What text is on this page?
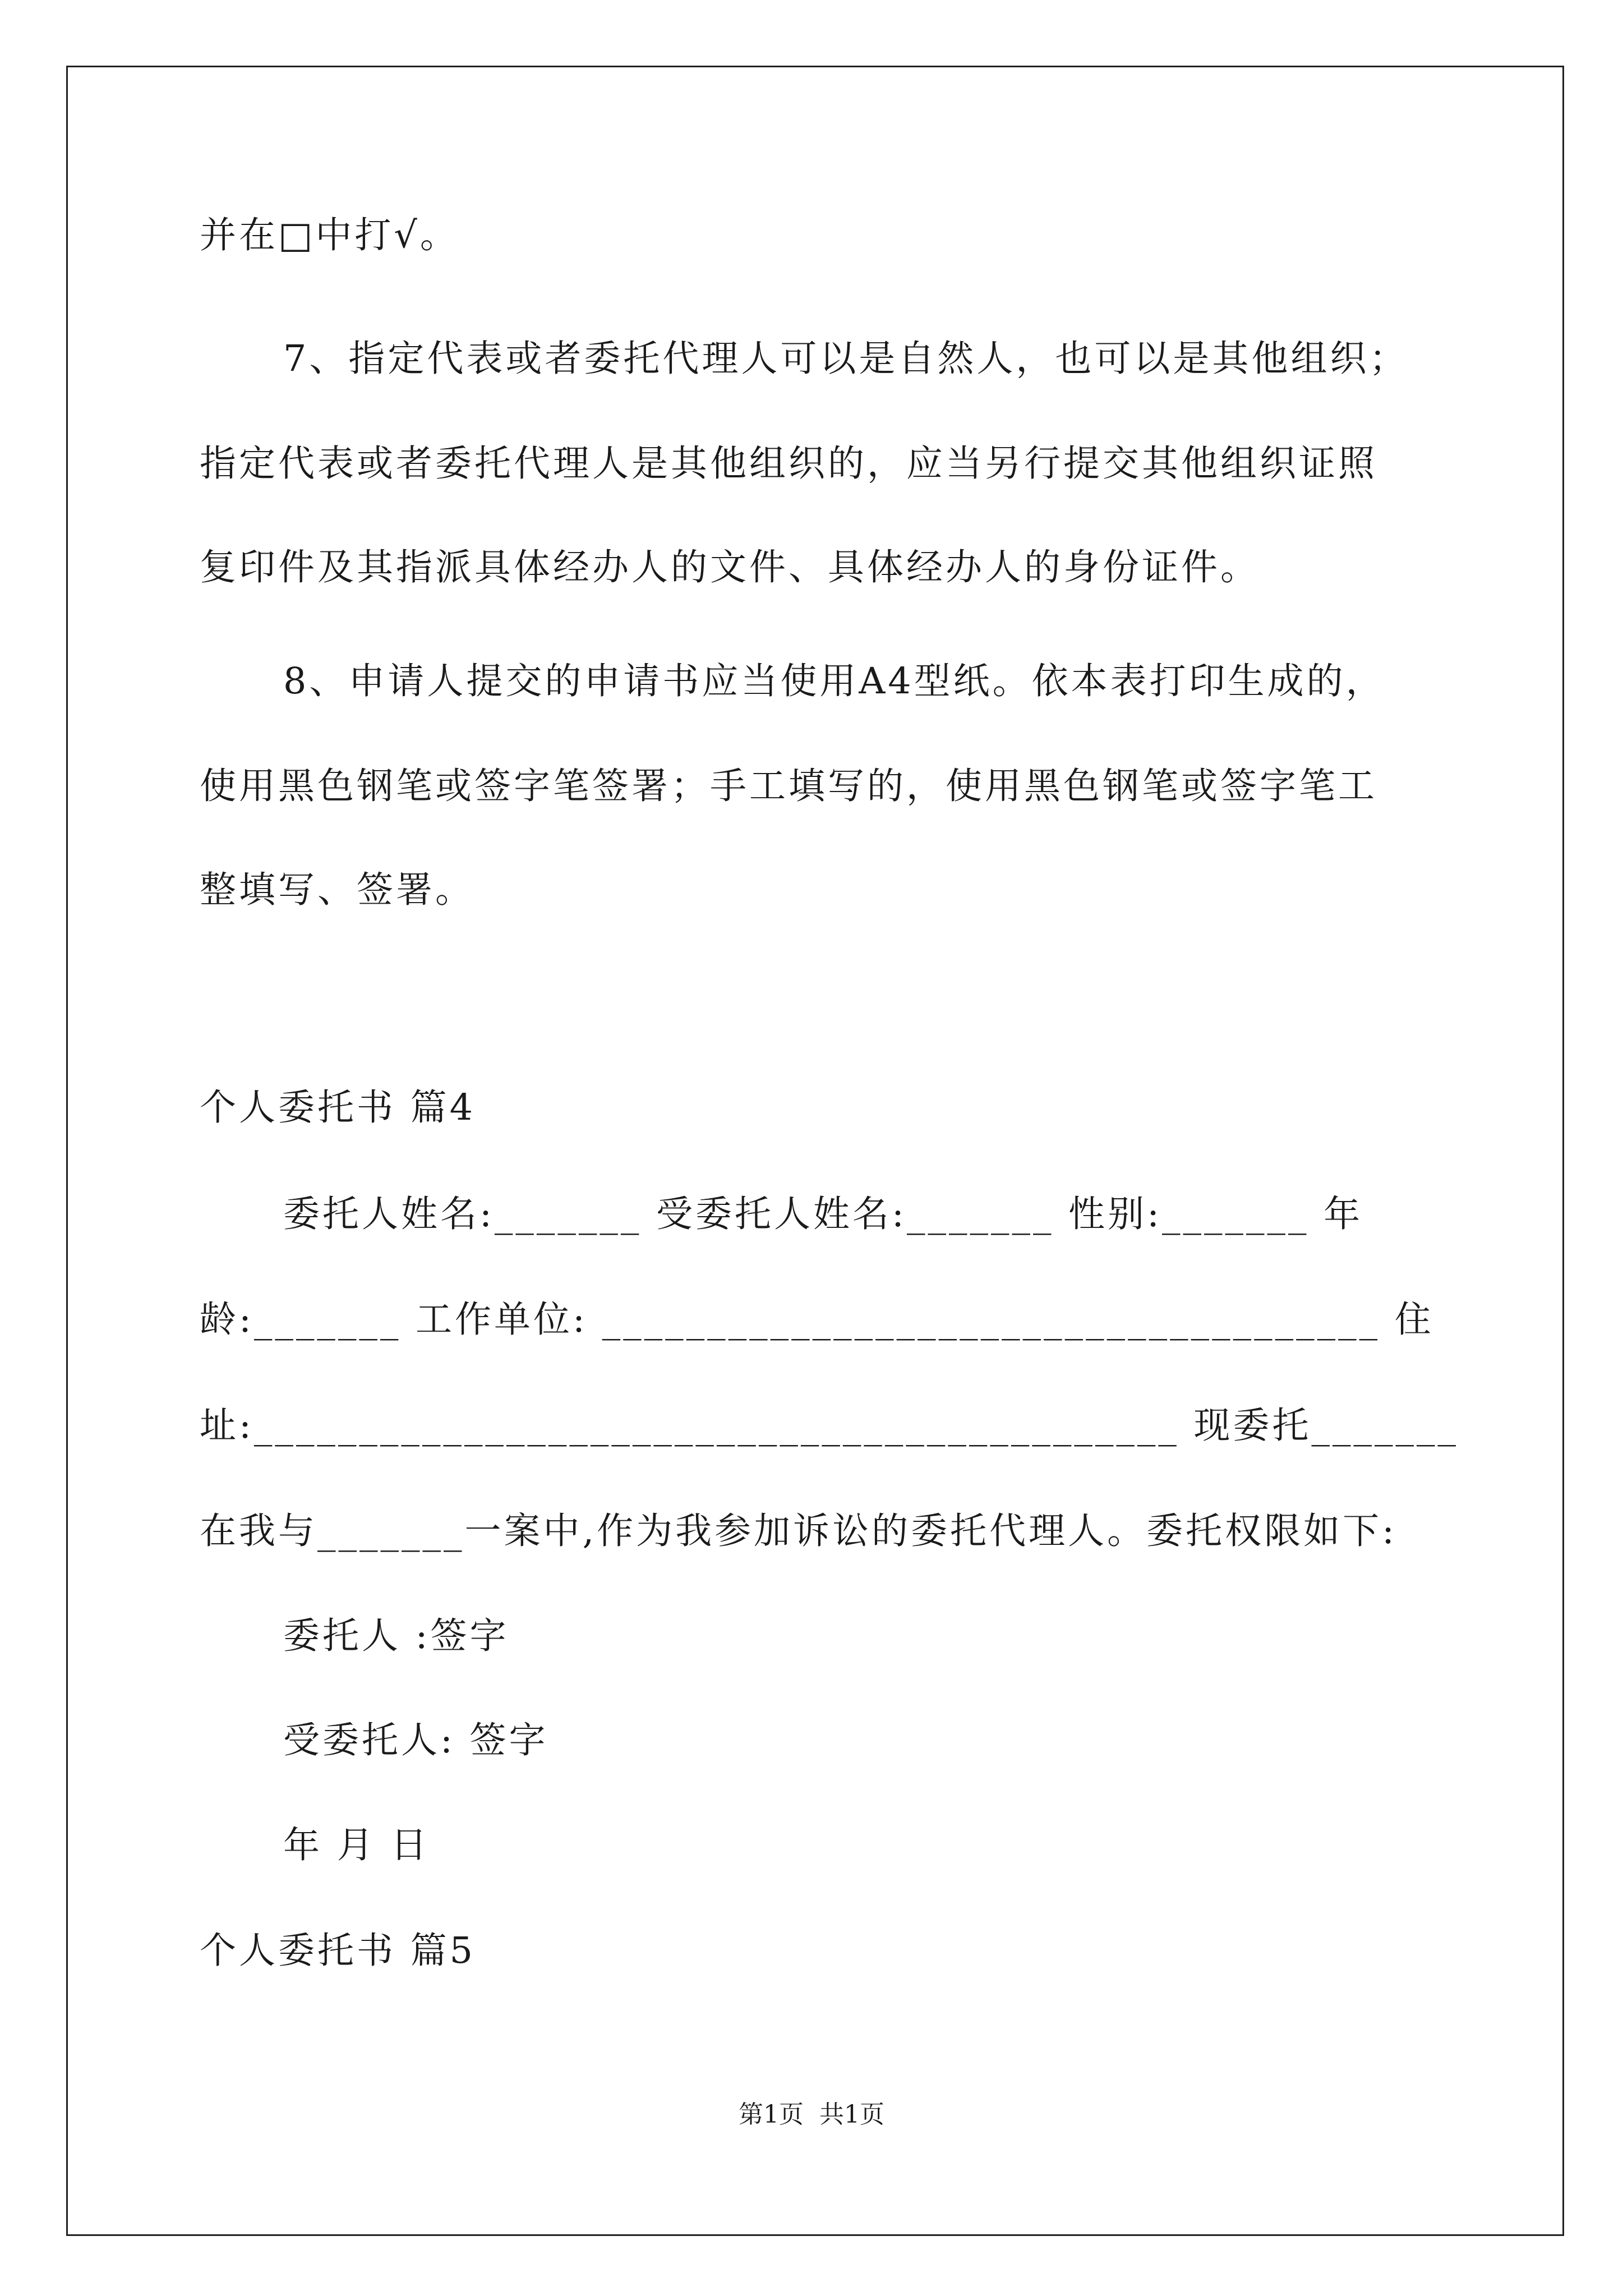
并在□中打√。
7、指定代表或者委托代理人可以是自然人，也可以是其他组织；
指定代表或者委托代理人是其他组织的，应当另行提交其他组织证照
复印件及其指派具体经办人的文件、具体经办人的身份证件。
8、申请人提交的申请书应当使用A4型纸。依本表打印生成的，
使用黑色钢笔或签字笔签署；手工填写的，使用黑色钢笔或签字笔工
整填写、签署。
个人委托书 篇4
委托人姓名:_______ 受委托人姓名:_______ 性别:_______ 年
龄:_______ 工作单位: _____________________________________ 住
址:____________________________________________ 现委托_______
在我与_______一案中,作为我参加诉讼的委托代理人。委托权限如下:
委托人 :签字
受委托人: 签字
年 月 日
个人委托书 篇5
第1页  共1页
